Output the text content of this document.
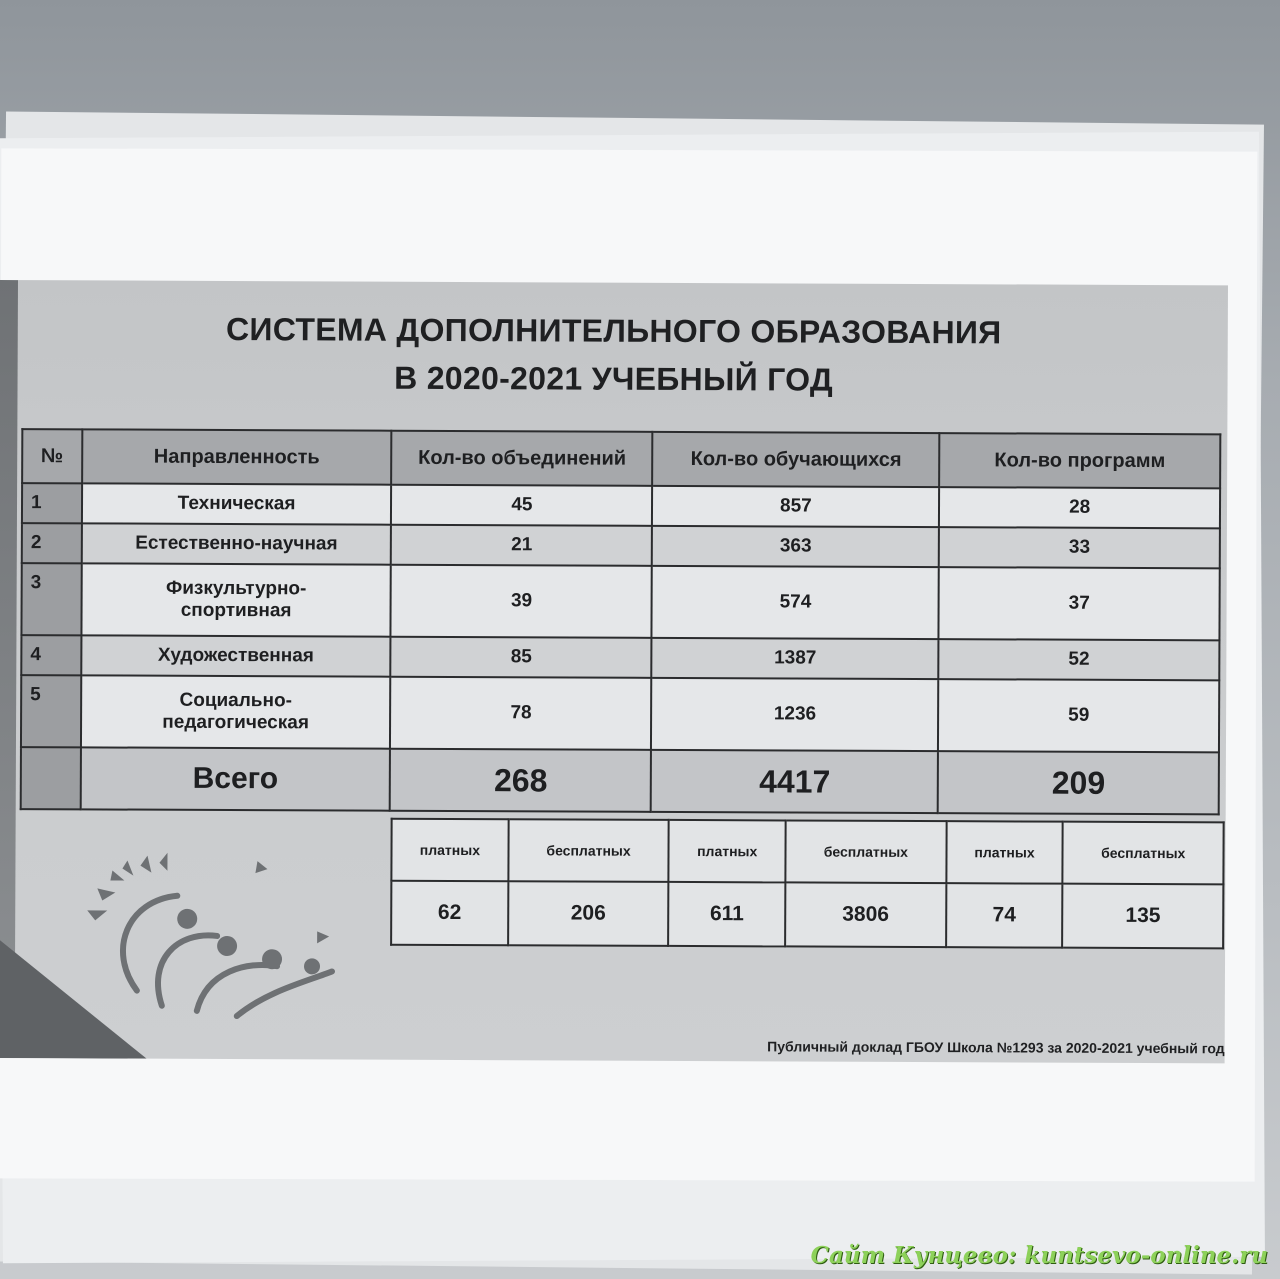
СИСТЕМА ДОПОЛНИТЕЛЬНОГО ОБРАЗОВАНИЯ
В 2020-2021 УЧЕБНЫЙ ГОД
№	Направленность	Кол-во объединений	Кол-во обучающихся	Кол-во программ
1	Техническая	45	857	28
2	Естественно-научная	21	363	33
3	Физкультурно-спортивная	39	574	37
4	Художественная	85	1387	52
5	Социально-педагогическая	78	1236	59
	Всего	268	4417	209
платных	бесплатных	платных	бесплатных	платных	бесплатных
62	206	611	3806	74	135
Публичный доклад ГБОУ Школа №1293 за 2020-2021 учебный год
Сайт Кунцево: kuntsevo-online.ru
